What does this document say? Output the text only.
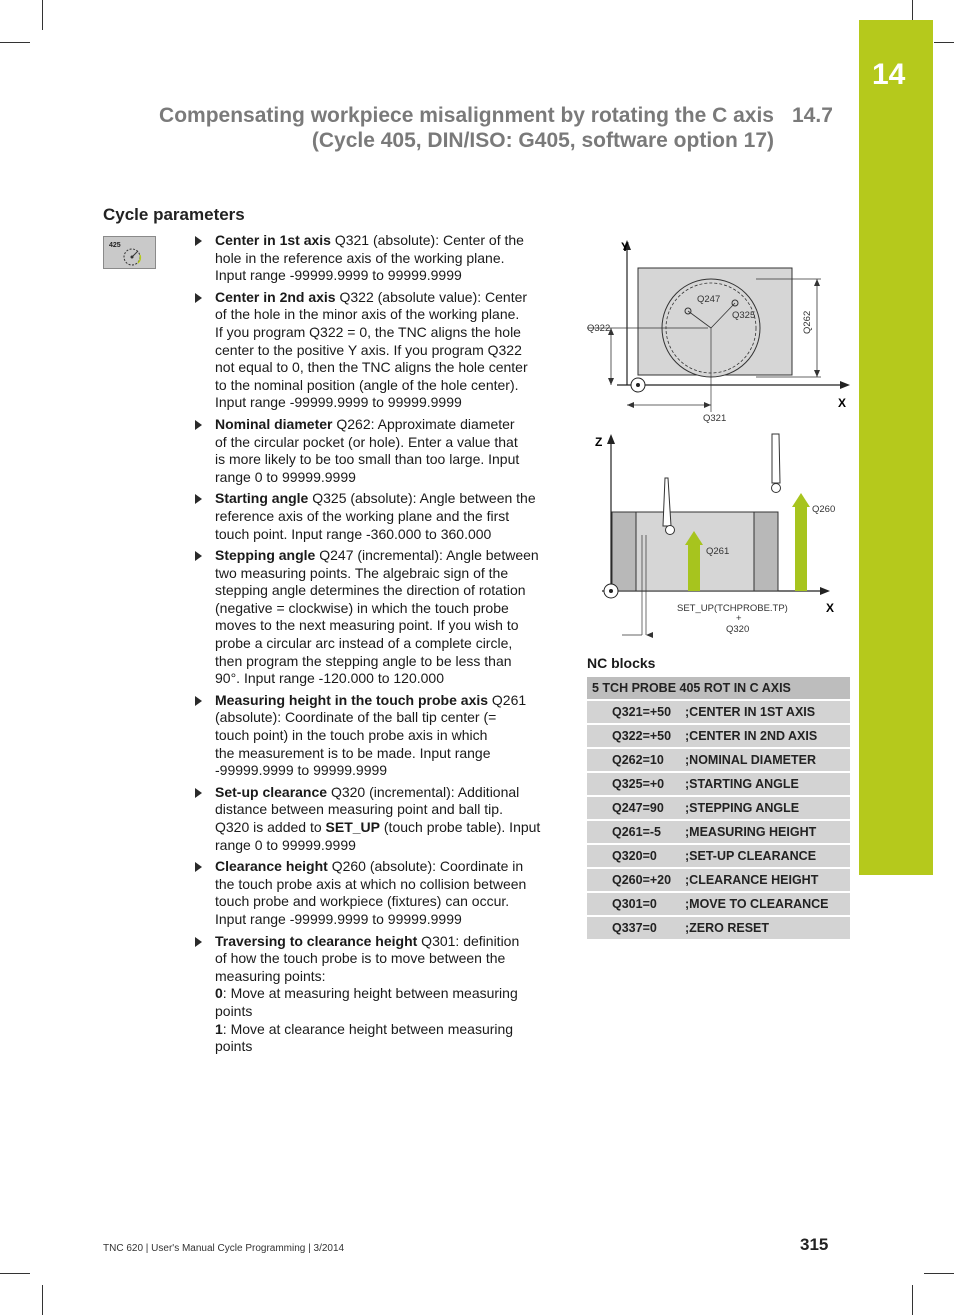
14
Compensating workpiece misalignment by rotating the C axis
(Cycle 405, DIN/ISO: G405, software option 17)
14.7
Cycle parameters
425	Center in 1st axis Q321 (absolute): Center of the
hole in the reference axis of the working plane.
Input range -99999.9999 to 99999.9999
Center in 2nd axis Q322 (absolute value): Center
of the hole in the minor axis of the working plane.
If you program Q322 = 0, the TNC aligns the hole
center to the positive Y axis. If you program Q322
not equal to 0, then the TNC aligns the hole center
to the nominal position (angle of the hole center).
Input range -99999.9999 to 99999.9999
Nominal diameter Q262: Approximate diameter
of the circular pocket (or hole). Enter a value that
is more likely to be too small than too large. Input
range 0 to 99999.9999
Starting angle Q325 (absolute): Angle between the
reference axis of the working plane and the first
touch point. Input range -360.000 to 360.000
Stepping angle Q247 (incremental): Angle between
two measuring points. The algebraic sign of the
stepping angle determines the direction of rotation
(negative = clockwise) in which the touch probe
moves to the next measuring point. If you wish to
probe a circular arc instead of a complete circle,
then program the stepping angle to be less than
90°. Input range -120.000 to 120.000
Measuring height in the touch probe axis Q261
(absolute): Coordinate of the ball tip center (=
touch point) in the touch probe axis in which
the measurement is to be made. Input range
-99999.9999 to 99999.9999
Set-up clearance Q320 (incremental): Additional
distance between measuring point and ball tip.
Q320 is added to SET_UP (touch probe table). Input
range 0 to 99999.9999
Clearance height Q260 (absolute): Coordinate in
the touch probe axis at which no collision between
touch probe and workpiece (fixtures) can occur.
Input range -99999.9999 to 99999.9999
Traversing to clearance height Q301: definition
of how the touch probe is to move between the
measuring points:
0: Move at measuring height between measuring
points
1: Move at clearance height between measuring
points
Y
X
Q247
Q325	Q262
Q322
Q321
Z
X
Q261
Q260
SET_UP(TCHPROBE.TP)
+
Q320
NC blocks
5 TCH PROBE 405 ROT IN C AXIS
Q321=+50 ;CENTER IN 1ST AXIS
Q322=+50 ;CENTER IN 2ND AXIS
Q262=10 ;NOMINAL DIAMETER
Q325=+0 ;STARTING ANGLE
Q247=90 ;STEPPING ANGLE
Q261=-5 ;MEASURING HEIGHT
Q320=0 ;SET-UP CLEARANCE
Q260=+20 ;CLEARANCE HEIGHT
Q301=0 ;MOVE TO CLEARANCE
Q337=0 ;ZERO RESET
TNC 620 | User's Manual Cycle Programming | 3/2014	315
